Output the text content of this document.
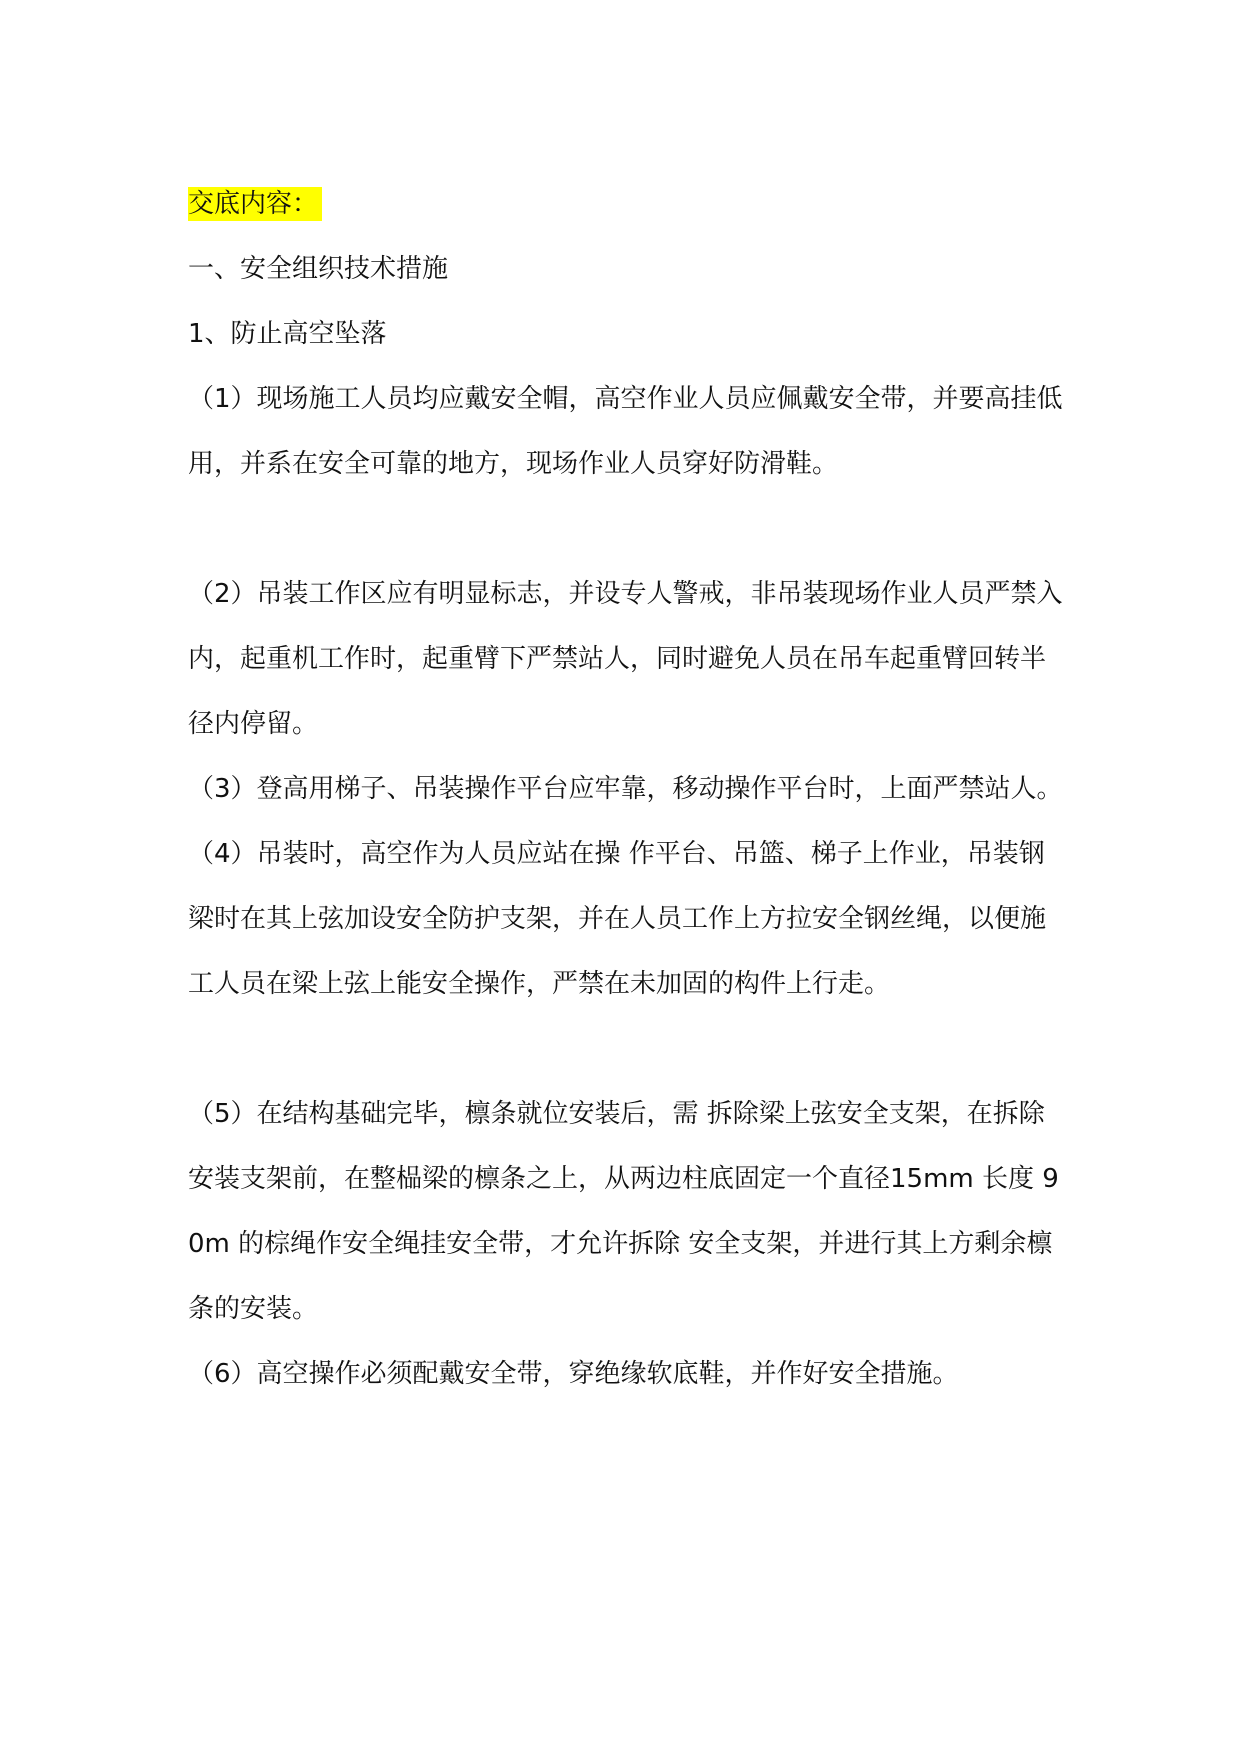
交底内容：

一、安全组织技术措施

1、防止高空坠落

（1）现场施工人员均应戴安全帽，高空作业人员应佩戴安全带，并要高挂低用，并系在安全可靠的地方，现场作业人员穿好防滑鞋。

（2）吊装工作区应有明显标志，并设专人警戒，非吊装现场作业人员严禁入内，起重机工作时，起重臂下严禁站人，同时避免人员在吊车起重臂回转半径内停留。

（3）登高用梯子、吊装操作平台应牢靠，移动操作平台时，上面严禁站人。

（4）吊装时，高空作为人员应站在操 作平台、吊篮、梯子上作业，吊装钢梁时在其上弦加设安全防护支架，并在人员工作上方拉安全钢丝绳，以便施工人员在梁上弦上能安全操作，严禁在未加固的构件上行走。

（5）在结构基础完毕，檩条就位安装后，需 拆除梁上弦安全支架，在拆除安装支架前，在整榀梁的檩条之上，从两边柱底固定一个直径15mm 长度 90m 的棕绳作安全绳挂安全带，才允许拆除 安全支架，并进行其上方剩余檩条的安装。

（6）高空操作必须配戴安全带，穿绝缘软底鞋，并作好安全措施。
